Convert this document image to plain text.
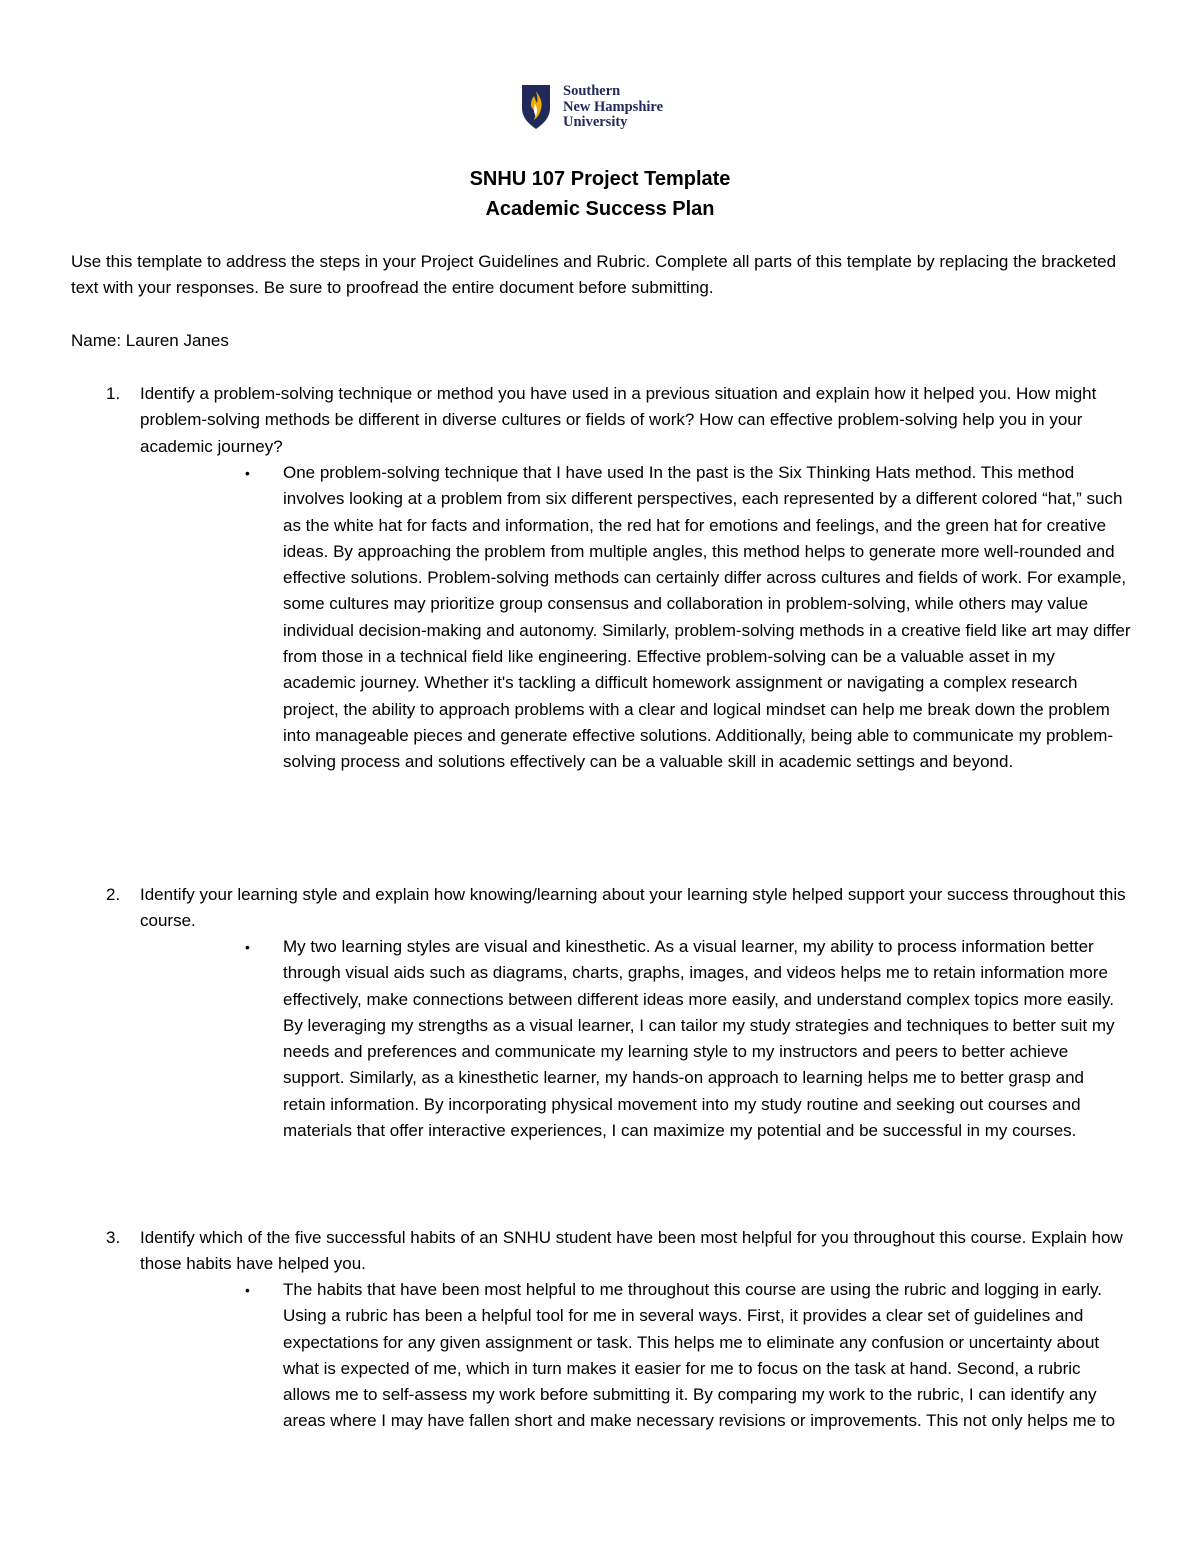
Southern
New Hampshire
University
SNHU 107 Project Template
Academic Success Plan
Use this template to address the steps in your Project Guidelines and Rubric. Complete all parts of this template by replacing the bracketed text with your responses. Be sure to proofread the entire document before submitting.
Name: Lauren Janes
1. Identify a problem-solving technique or method you have used in a previous situation and explain how it helped you. How might problem-solving methods be different in diverse cultures or fields of work? How can effective problem-solving help you in your academic journey?
• One problem-solving technique that I have used In the past is the Six Thinking Hats method. This method involves looking at a problem from six different perspectives, each represented by a different colored “hat,” such as the white hat for facts and information, the red hat for emotions and feelings, and the green hat for creative ideas. By approaching the problem from multiple angles, this method helps to generate more well-rounded and effective solutions. Problem-solving methods can certainly differ across cultures and fields of work. For example, some cultures may prioritize group consensus and collaboration in problem-solving, while others may value individual decision-making and autonomy. Similarly, problem-solving methods in a creative field like art may differ from those in a technical field like engineering. Effective problem-solving can be a valuable asset in my academic journey. Whether it's tackling a difficult homework assignment or navigating a complex research project, the ability to approach problems with a clear and logical mindset can help me break down the problem into manageable pieces and generate effective solutions. Additionally, being able to communicate my problem-solving process and solutions effectively can be a valuable skill in academic settings and beyond.
2. Identify your learning style and explain how knowing/learning about your learning style helped support your success throughout this course.
• My two learning styles are visual and kinesthetic. As a visual learner, my ability to process information better through visual aids such as diagrams, charts, graphs, images, and videos helps me to retain information more effectively, make connections between different ideas more easily, and understand complex topics more easily. By leveraging my strengths as a visual learner, I can tailor my study strategies and techniques to better suit my needs and preferences and communicate my learning style to my instructors and peers to better achieve support. Similarly, as a kinesthetic learner, my hands-on approach to learning helps me to better grasp and retain information. By incorporating physical movement into my study routine and seeking out courses and materials that offer interactive experiences, I can maximize my potential and be successful in my courses.
3. Identify which of the five successful habits of an SNHU student have been most helpful for you throughout this course. Explain how those habits have helped you.
• The habits that have been most helpful to me throughout this course are using the rubric and logging in early. Using a rubric has been a helpful tool for me in several ways. First, it provides a clear set of guidelines and expectations for any given assignment or task. This helps me to eliminate any confusion or uncertainty about what is expected of me, which in turn makes it easier for me to focus on the task at hand. Second, a rubric allows me to self-assess my work before submitting it. By comparing my work to the rubric, I can identify any areas where I may have fallen short and make necessary revisions or improvements. This not only helps me to
